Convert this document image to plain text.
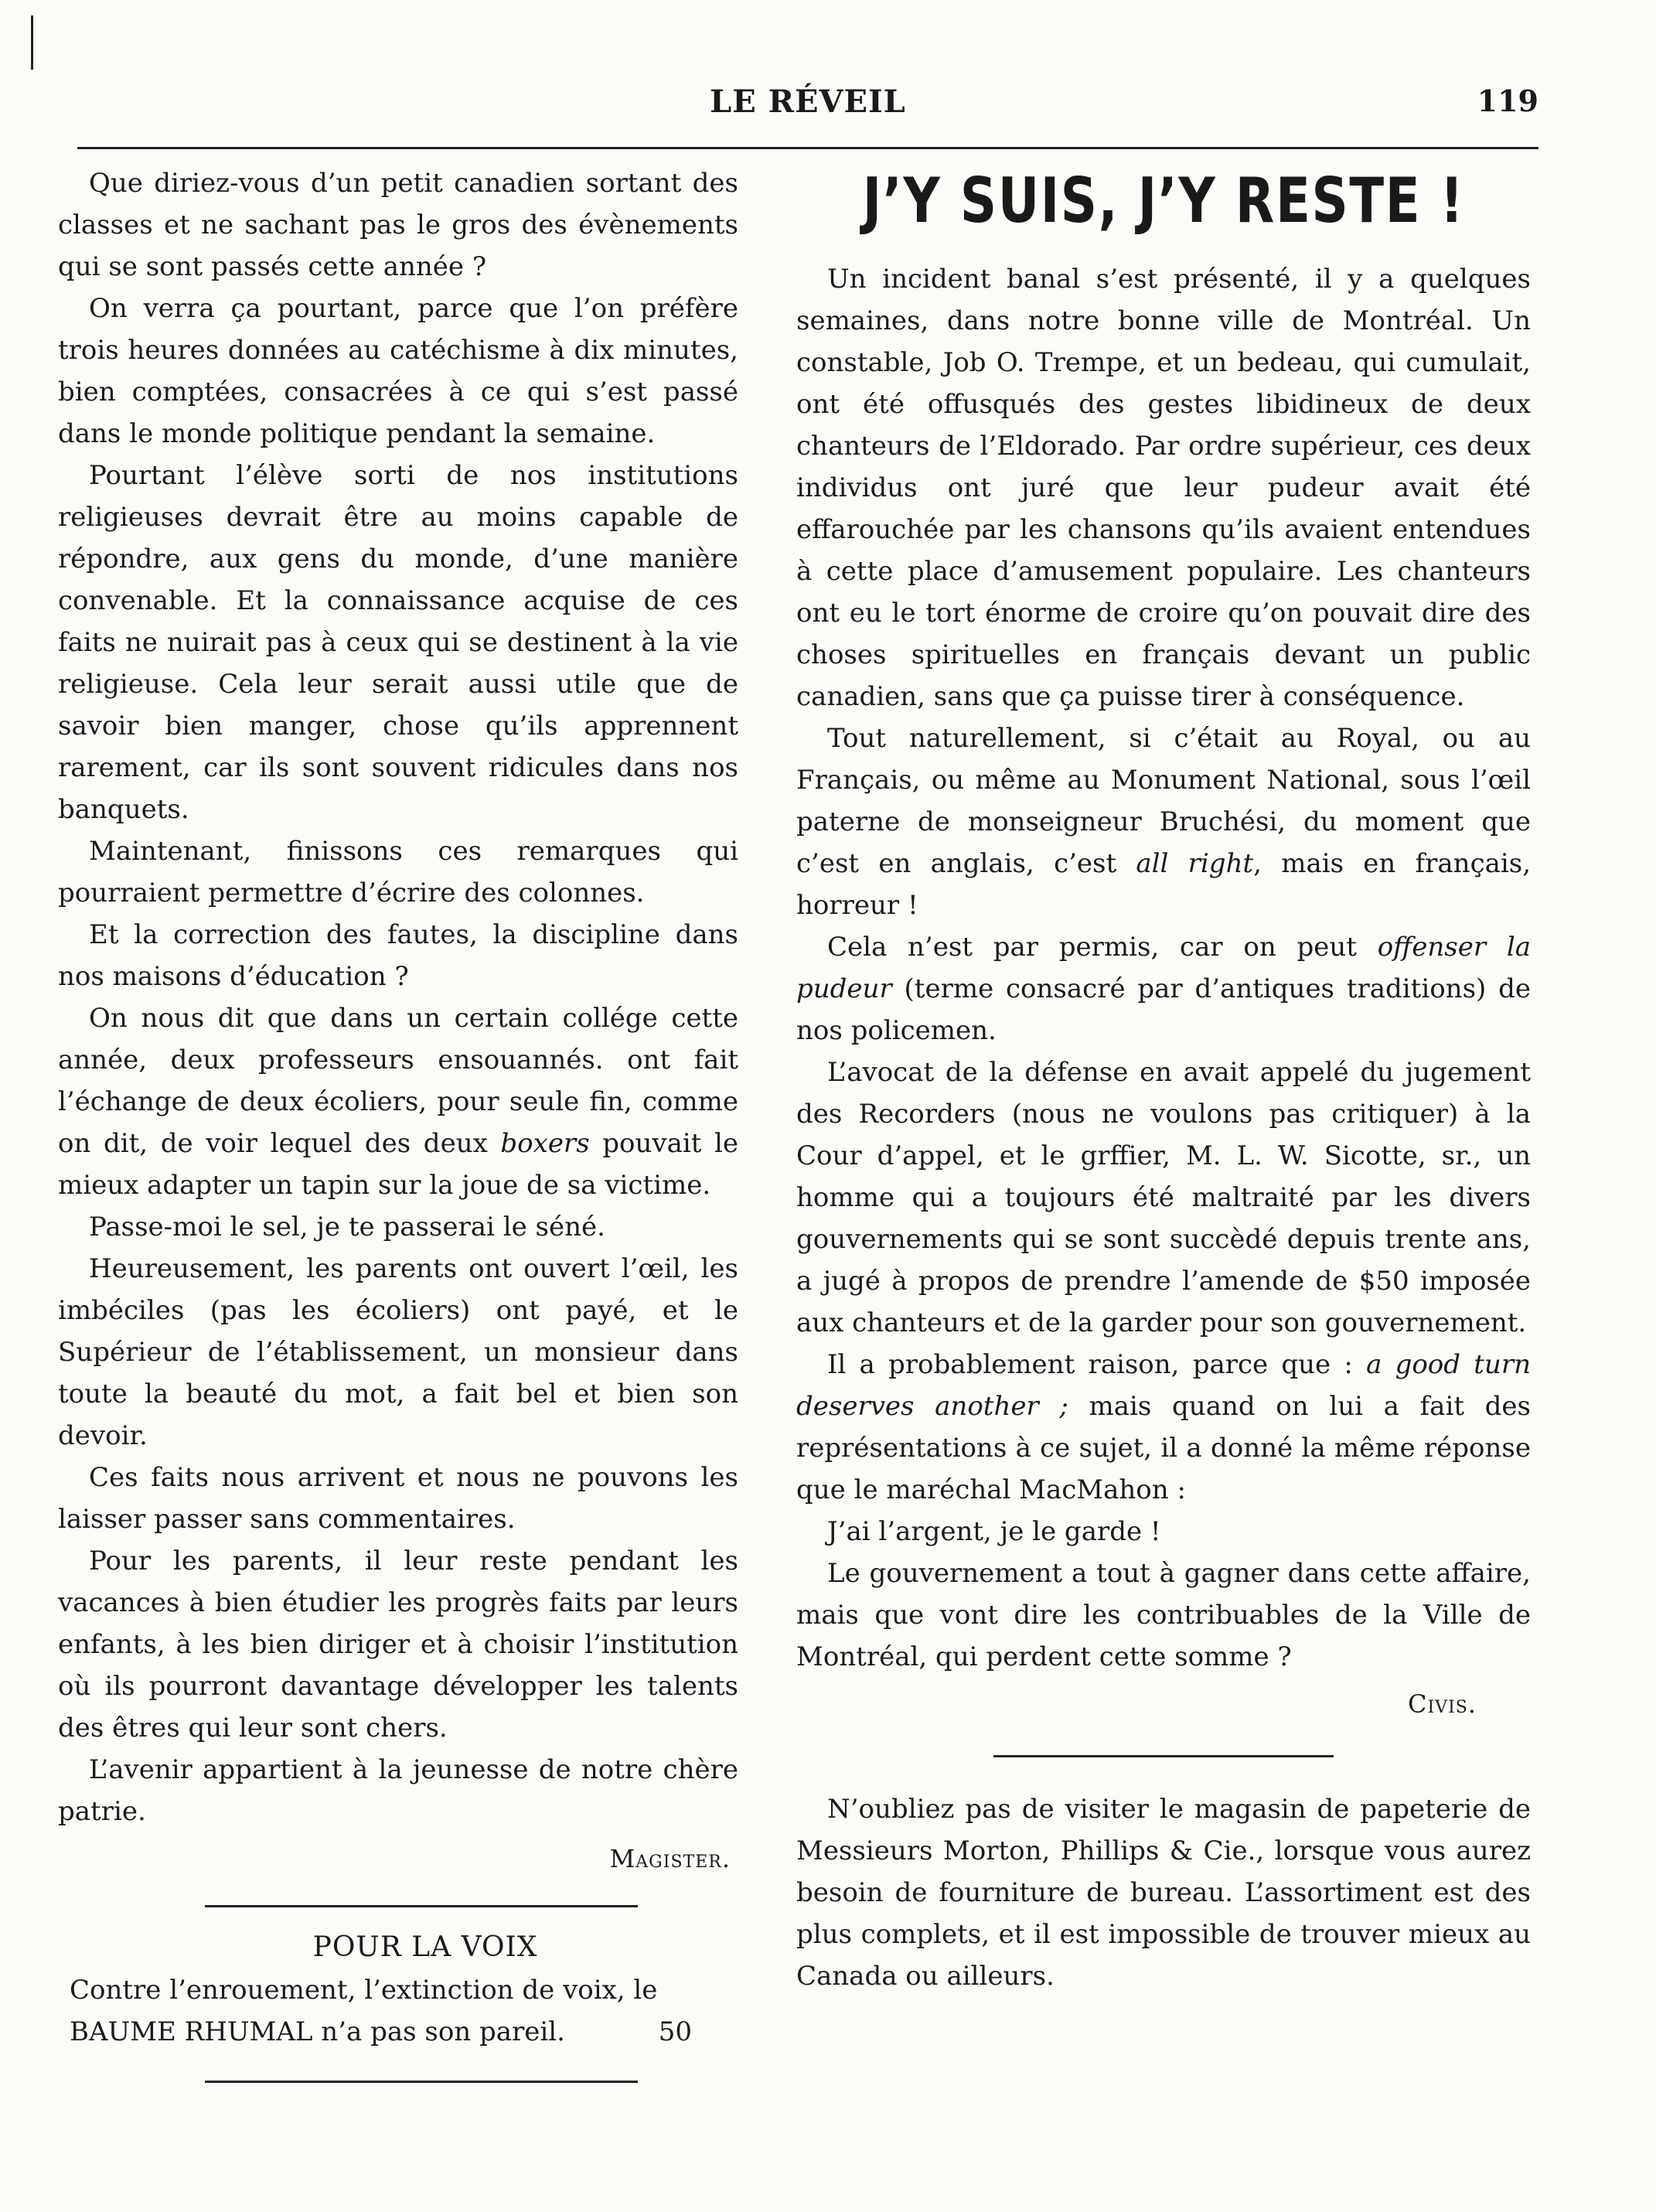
LE RÉVEIL	119

Que diriez-vous d’un petit canadien sortant des classes et ne sachant pas le gros des évènements qui se sont passés cette année ?

On verra ça pourtant, parce que l’on préfère trois heures données au catéchisme à dix minutes, bien comptées, consacrées à ce qui s’est passé dans le monde politique pendant la semaine.

Pourtant l’élève sorti de nos institutions religieuses devrait être au moins capable de répondre, aux gens du monde, d’une manière convenable. Et la connaissance acquise de ces faits ne nuirait pas à ceux qui se destinent à la vie religieuse. Cela leur serait aussi utile que de savoir bien manger, chose qu’ils apprennent rarement, car ils sont souvent ridicules dans nos banquets.

Maintenant, finissons ces remarques qui pourraient permettre d’écrire des colonnes.

Et la correction des fautes, la discipline dans nos maisons d’éducation ?

On nous dit que dans un certain collége cette année, deux professeurs ensouannés. ont fait l’échange de deux écoliers, pour seule fin, comme on dit, de voir lequel des deux boxers pouvait le mieux adapter un tapin sur la joue de sa victime.

Passe-moi le sel, je te passerai le séné.

Heureusement, les parents ont ouvert l’œil, les imbéciles (pas les écoliers) ont payé, et le Supérieur de l’établissement, un monsieur dans toute la beauté du mot, a fait bel et bien son devoir.

Ces faits nous arrivent et nous ne pouvons les laisser passer sans commentaires.

Pour les parents, il leur reste pendant les vacances à bien étudier les progrès faits par leurs enfants, à les bien diriger et à choisir l’institution où ils pourront davantage développer les talents des êtres qui leur sont chers.

L’avenir appartient à la jeunesse de notre chère patrie.

Magister.
POUR LA VOIX

Contre l’enrouement, l’extinction de voix, le

BAUME RHUMAL n’a pas son pareil.	50

J’Y SUIS, J’Y RESTE !

Un incident banal s’est présenté, il y a quelques semaines, dans notre bonne ville de Montréal. Un constable, Job O. Trempe, et un bedeau, qui cumulait, ont été offusqués des gestes libidineux de deux chanteurs de l’Eldorado. Par ordre supérieur, ces deux individus ont juré que leur pudeur avait été effarouchée par les chansons qu’ils avaient entendues à cette place d’amusement populaire. Les chanteurs ont eu le tort énorme de croire qu’on pouvait dire des choses spirituelles en français devant un public canadien, sans que ça puisse tirer à conséquence.

Tout naturellement, si c’était au Royal, ou au Français, ou même au Monument National, sous l’œil paterne de monseigneur Bruchési, du moment que c’est en anglais, c’est all right, mais en français, horreur !

Cela n’est par permis, car on peut offenser la pudeur (terme consacré par d’antiques traditions) de nos policemen.

L’avocat de la défense en avait appelé du jugement des Recorders (nous ne voulons pas critiquer) à la Cour d’appel, et le grffier, M. L. W. Sicotte, sr., un homme qui a toujours été maltraité par les divers gouvernements qui se sont succèdé depuis trente ans, a jugé à propos de prendre l’amende de $50 imposée aux chanteurs et de la garder pour son gouvernement.

Il a probablement raison, parce que : a good turn deserves another ; mais quand on lui a fait des représentations à ce sujet, il a donné la même réponse que le maréchal MacMahon :

J’ai l’argent, je le garde !

Le gouvernement a tout à gagner dans cette affaire, mais que vont dire les contribuables de la Ville de Montréal, qui perdent cette somme ?

Civis.

N’oubliez pas de visiter le magasin de papeterie de Messieurs Morton, Phillips & Cie., lorsque vous aurez besoin de fourniture de bureau. L’assortiment est des plus complets, et il est impossible de trouver mieux au Canada ou ailleurs.
